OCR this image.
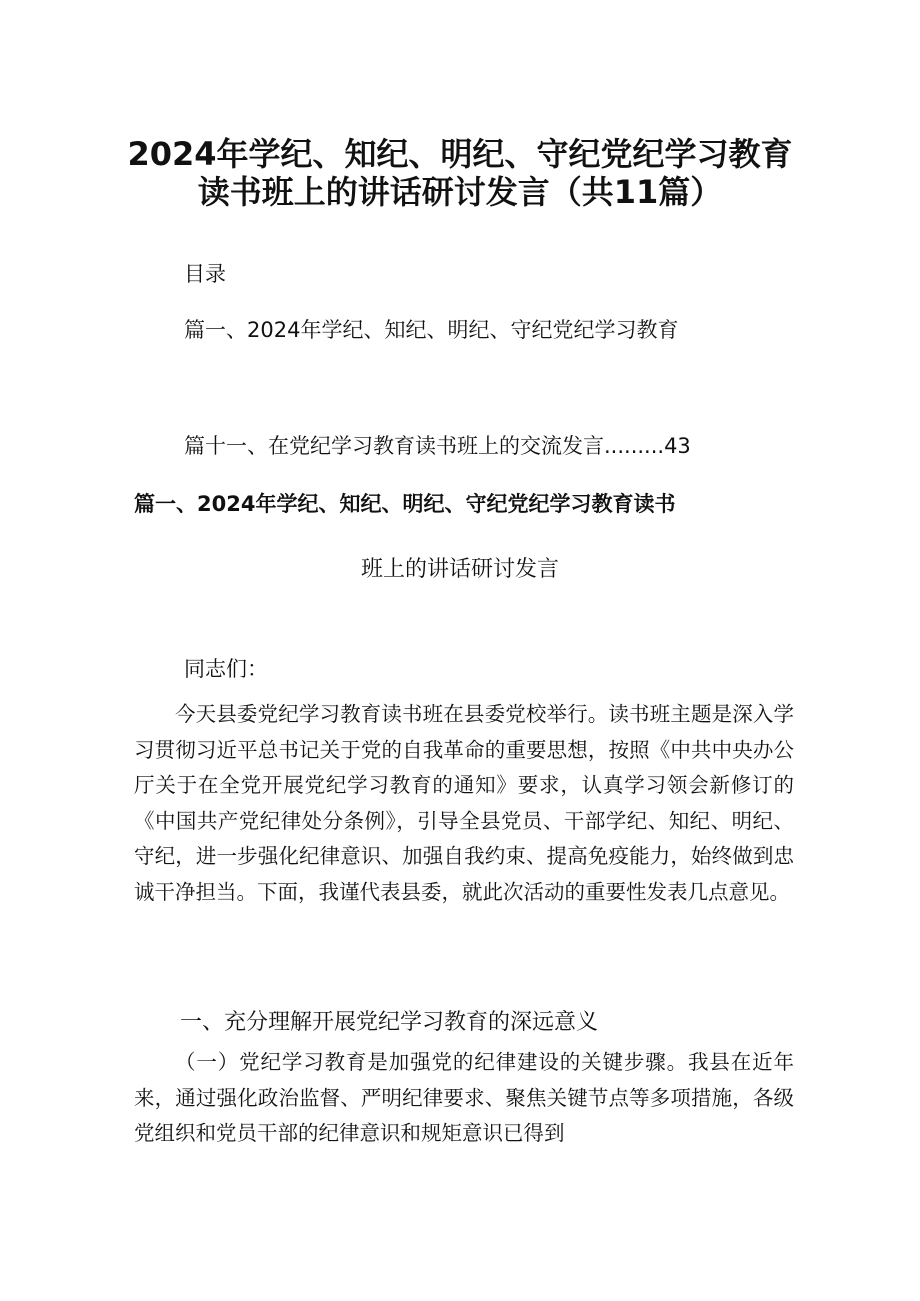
2024年学纪、知纪、明纪、守纪党纪学习教育
读书班上的讲话研讨发言（共11篇）
目录
篇一、2024年学纪、知纪、明纪、守纪党纪学习教育
篇十一、在党纪学习教育读书班上的交流发言.........43
篇一、2024年学纪、知纪、明纪、守纪党纪学习教育读书
班上的讲话研讨发言
同志们：

今天县委党纪学习教育读书班在县委党校举行。读书班主题是深入学习贯彻习近平总书记关于党的自我革命的重要思想，按照《中共中央办公厅关于在全党开展党纪学习教育的通知》要求，认真学习领会新修订的《中国共产党纪律处分条例》，引导全县党员、干部学纪、知纪、明纪、守纪，进一步强化纪律意识、加强自我约束、提高免疫能力，始终做到忠诚干净担当。下面，我谨代表县委，就此次活动的重要性发表几点意见。

一、充分理解开展党纪学习教育的深远意义

（一）党纪学习教育是加强党的纪律建设的关键步骤。我县在近年来，通过强化政治监督、严明纪律要求、聚焦关键节点等多项措施，各级党组织和党员干部的纪律意识和规矩意识已得到
